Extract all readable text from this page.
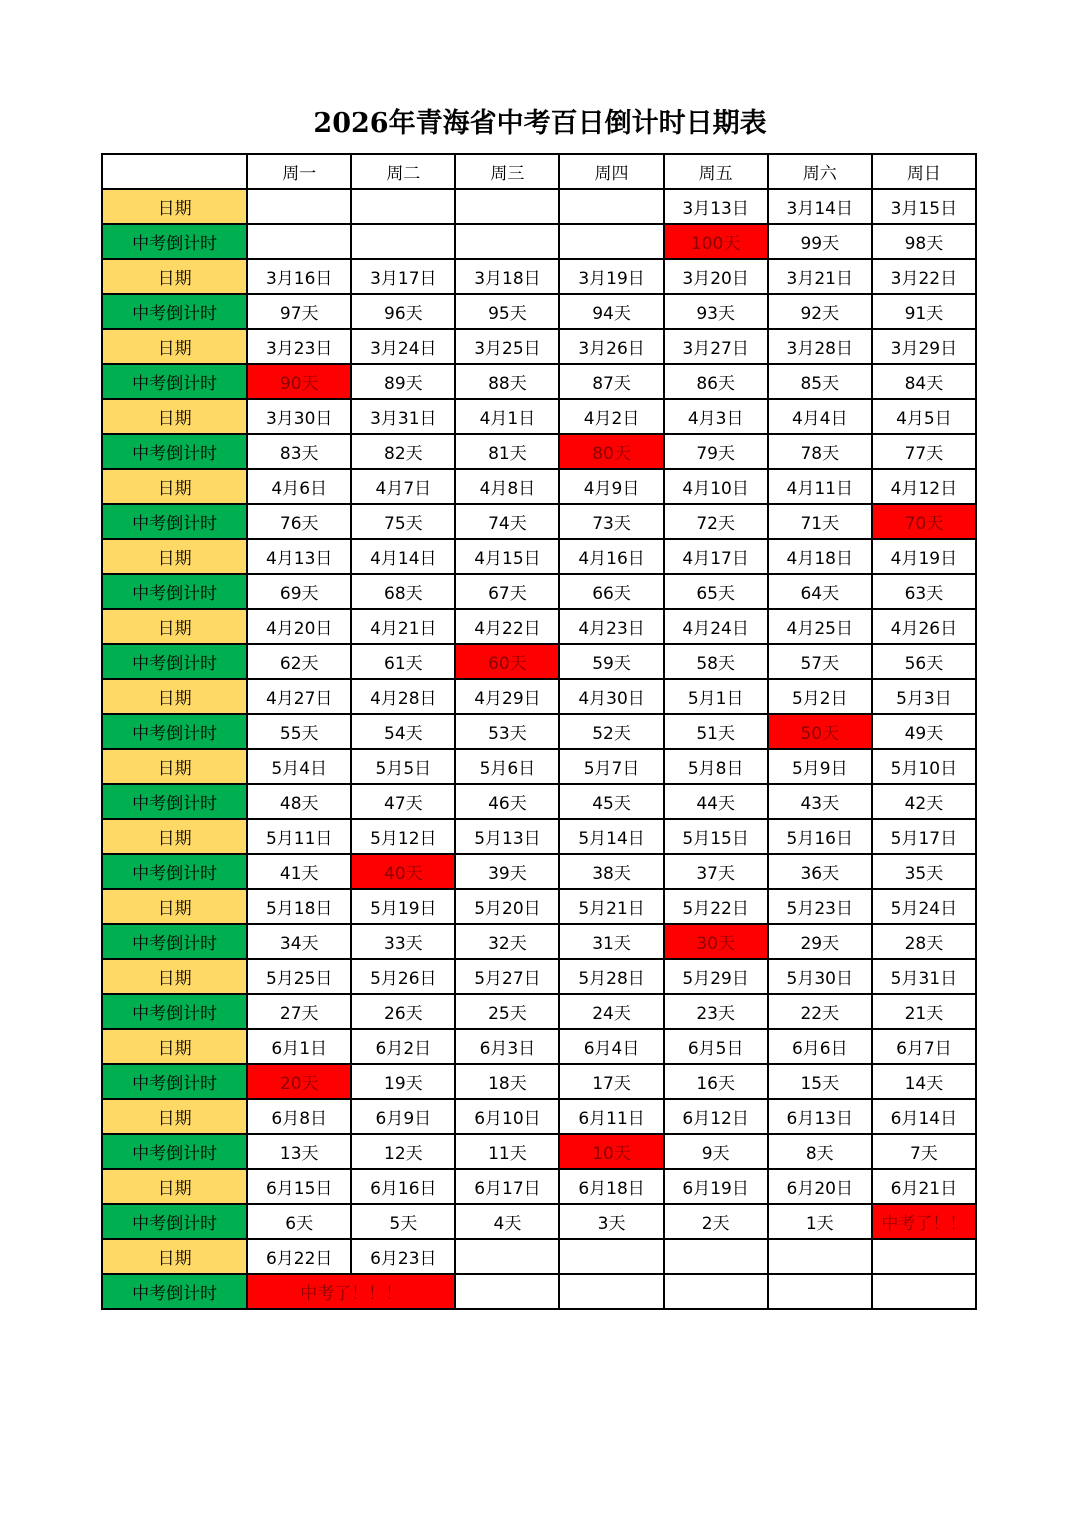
2026年青海省中考百日倒计时日期表
	周一	周二	周三	周四	周五	周六	周日
日期					3月13日	3月14日	3月15日
中考倒计时					100天	99天	98天
日期	3月16日	3月17日	3月18日	3月19日	3月20日	3月21日	3月22日
中考倒计时	97天	96天	95天	94天	93天	92天	91天
日期	3月23日	3月24日	3月25日	3月26日	3月27日	3月28日	3月29日
中考倒计时	90天	89天	88天	87天	86天	85天	84天
日期	3月30日	3月31日	4月1日	4月2日	4月3日	4月4日	4月5日
中考倒计时	83天	82天	81天	80天	79天	78天	77天
日期	4月6日	4月7日	4月8日	4月9日	4月10日	4月11日	4月12日
中考倒计时	76天	75天	74天	73天	72天	71天	70天
日期	4月13日	4月14日	4月15日	4月16日	4月17日	4月18日	4月19日
中考倒计时	69天	68天	67天	66天	65天	64天	63天
日期	4月20日	4月21日	4月22日	4月23日	4月24日	4月25日	4月26日
中考倒计时	62天	61天	60天	59天	58天	57天	56天
日期	4月27日	4月28日	4月29日	4月30日	5月1日	5月2日	5月3日
中考倒计时	55天	54天	53天	52天	51天	50天	49天
日期	5月4日	5月5日	5月6日	5月7日	5月8日	5月9日	5月10日
中考倒计时	48天	47天	46天	45天	44天	43天	42天
日期	5月11日	5月12日	5月13日	5月14日	5月15日	5月16日	5月17日
中考倒计时	41天	40天	39天	38天	37天	36天	35天
日期	5月18日	5月19日	5月20日	5月21日	5月22日	5月23日	5月24日
中考倒计时	34天	33天	32天	31天	30天	29天	28天
日期	5月25日	5月26日	5月27日	5月28日	5月29日	5月30日	5月31日
中考倒计时	27天	26天	25天	24天	23天	22天	21天
日期	6月1日	6月2日	6月3日	6月4日	6月5日	6月6日	6月7日
中考倒计时	20天	19天	18天	17天	16天	15天	14天
日期	6月8日	6月9日	6月10日	6月11日	6月12日	6月13日	6月14日
中考倒计时	13天	12天	11天	10天	9天	8天	7天
日期	6月15日	6月16日	6月17日	6月18日	6月19日	6月20日	6月21日
中考倒计时	6天	5天	4天	3天	2天	1天	中考了！！
日期	6月22日	6月23日					
中考倒计时	中考了！！！						
